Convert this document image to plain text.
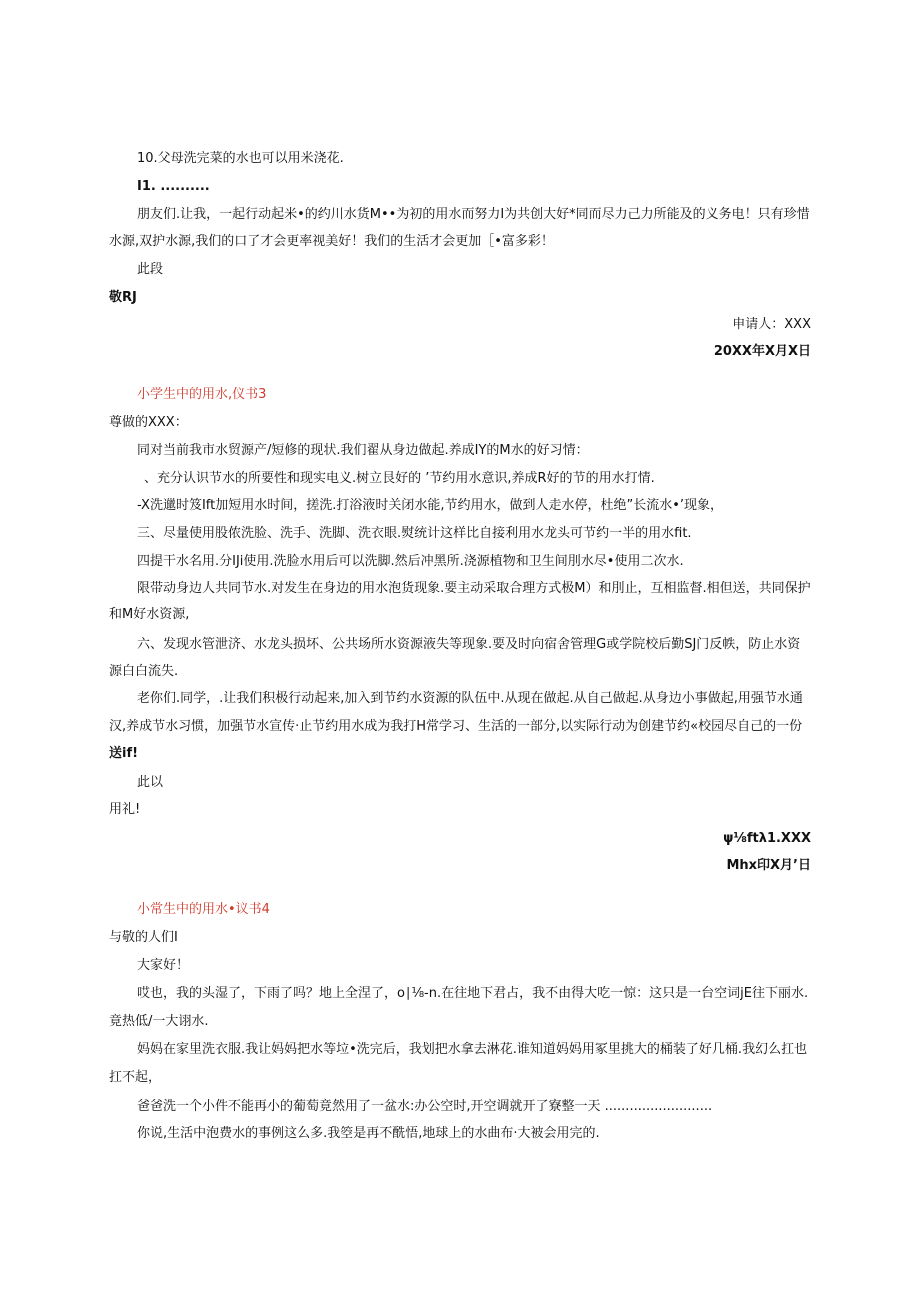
10.父母洗完菜的水也可以用米浇花.
I1. ..........
朋友们.让我，一起行动起米•的约川水货M••为初的用水而努力I为共创大好*同而尽力己力所能及的义务电！只有珍惜
水源,双护水源,我们的口了才会更率视美好！我们的生活才会更加［•富多彩！
此段
敬RJ
申请人：XXX
20XX年X月X日
小学生中的用水,仪书3
尊做的XXX：
同对当前我市水贸源产/短修的现状.我们翟从身边做起.养成IY的M水的好习情：
、充分认识节水的所要性和现实电义.树立艮好的 ’节约用水意识,养成R好的节的用水打情.
-X洗邋时笈Ift加短用水时间，搓洗.打浴液时关闭水能,节约用水，做到人走水停，杜绝”长流水•’现象，
三、尽量使用股侬洗脸、洗手、洗脚、洗衣眼.熨统计这样比自接利用水龙头可节约一半的用水fit.
四提干水名用.分IJi使用.洗脸水用后可以洗脚.然后冲黑所.浇源植物和卫生间刖水尽•使用二次水.
限带动身边人共同节水.对发生在身边的用水泡货现象.要主动采取合理方式极M）和刖止，互相监督.相但送，共同保护
和M好水资源,
六、发现水管泄济、水龙头损坏、公共场所水资源液失等现象.要及时向宿舍管理G或学院校后勤SJ门反帙，防止水资
源白白流失.
老你们.同学，.让我们积极行动起来,加入到节约水资源的队伍中.从现在做起.从自己做起.从身边小事做起,用强节水通
汉,养成节水习惯，加强节水宣传·止节约用水成为我打H常学习、生活的一部分,以实际行动为创建节约«校园尽自己的一份
送if!
此以
用礼!
ψ⅛ftλ1.XXX
Mhx印X月’日
小常生中的用水•议书4
与敬的人们I
大家好！
哎也，我的头湿了，下雨了吗？地上全涅了，o∣⅛-n.在往地下君占，我不由得大吃一惊：这只是一台空词jE往下丽水.
竟热低/一大诩水.
妈妈在家里洗衣服.我让妈妈把水等垃•洗完后，我划把水拿去淋花.谁知道妈妈用冢里挑大的桶装了好几桶.我幻么扛也
扛不起，
爸爸洗一个小件不能再小的葡萄竟然用了一盆水:办公空时,开空调就开了寮整一天 ..........................
你说,生活中泡费水的事例这么多.我箜是再不酰悟,地球上的水曲布·大被会用完的.
